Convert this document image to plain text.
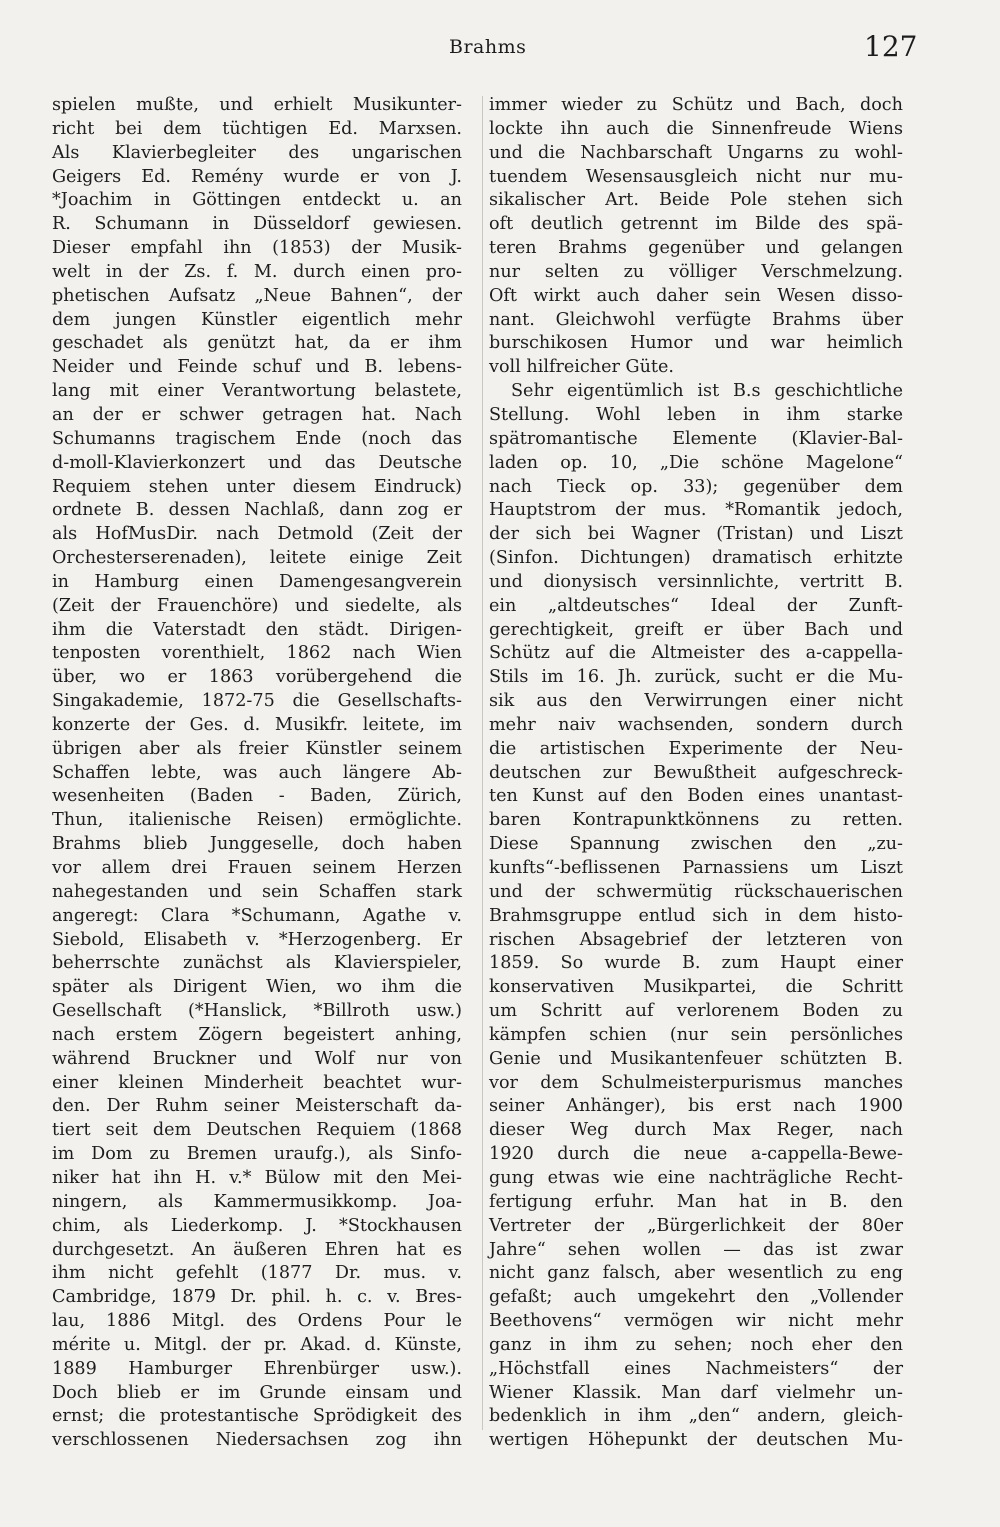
Brahms	127
spielen mußte, und erhielt Musikunter-
richt bei dem tüchtigen Ed. Marxsen.
Als Klavierbegleiter des ungarischen
Geigers Ed. Remény wurde er von J.
*Joachim in Göttingen entdeckt u. an
R. Schumann in Düsseldorf gewiesen.
Dieser empfahl ihn (1853) der Musik-
welt in der Zs. f. M. durch einen pro-
phetischen Aufsatz „Neue Bahnen“, der
dem jungen Künstler eigentlich mehr
geschadet als genützt hat, da er ihm
Neider und Feinde schuf und B. lebens-
lang mit einer Verantwortung belastete,
an der er schwer getragen hat. Nach
Schumanns tragischem Ende (noch das
d-moll-Klavierkonzert und das Deutsche
Requiem stehen unter diesem Eindruck)
ordnete B. dessen Nachlaß, dann zog er
als HofMusDir. nach Detmold (Zeit der
Orchesterserenaden), leitete einige Zeit
in Hamburg einen Damengesangverein
(Zeit der Frauenchöre) und siedelte, als
ihm die Vaterstadt den städt. Dirigen-
tenposten vorenthielt, 1862 nach Wien
über, wo er 1863 vorübergehend die
Singakademie, 1872-75 die Gesellschafts-
konzerte der Ges. d. Musikfr. leitete, im
übrigen aber als freier Künstler seinem
Schaffen lebte, was auch längere Ab-
wesenheiten (Baden - Baden, Zürich,
Thun, italienische Reisen) ermöglichte.
Brahms blieb Junggeselle, doch haben
vor allem drei Frauen seinem Herzen
nahegestanden und sein Schaffen stark
angeregt: Clara *Schumann, Agathe v.
Siebold, Elisabeth v. *Herzogenberg. Er
beherrschte zunächst als Klavierspieler,
später als Dirigent Wien, wo ihm die
Gesellschaft (*Hanslick, *Billroth usw.)
nach erstem Zögern begeistert anhing,
während Bruckner und Wolf nur von
einer kleinen Minderheit beachtet wur-
den. Der Ruhm seiner Meisterschaft da-
tiert seit dem Deutschen Requiem (1868
im Dom zu Bremen uraufg.), als Sinfo-
niker hat ihn H. v.* Bülow mit den Mei-
ningern, als Kammermusikkomp. Joa-
chim, als Liederkomp. J. *Stockhausen
durchgesetzt. An äußeren Ehren hat es
ihm nicht gefehlt (1877 Dr. mus. v.
Cambridge, 1879 Dr. phil. h. c. v. Bres-
lau, 1886 Mitgl. des Ordens Pour le
mérite u. Mitgl. der pr. Akad. d. Künste,
1889 Hamburger Ehrenbürger usw.).
Doch blieb er im Grunde einsam und
ernst; die protestantische Sprödigkeit des
verschlossenen Niedersachsen zog ihn
immer wieder zu Schütz und Bach, doch
lockte ihn auch die Sinnenfreude Wiens
und die Nachbarschaft Ungarns zu wohl-
tuendem Wesensausgleich nicht nur mu-
sikalischer Art. Beide Pole stehen sich
oft deutlich getrennt im Bilde des spä-
teren Brahms gegenüber und gelangen
nur selten zu völliger Verschmelzung.
Oft wirkt auch daher sein Wesen disso-
nant. Gleichwohl verfügte Brahms über
burschikosen Humor und war heimlich
voll hilfreicher Güte.
Sehr eigentümlich ist B.s geschichtliche
Stellung. Wohl leben in ihm starke
spätromantische Elemente (Klavier-Bal-
laden op. 10, „Die schöne Magelone“
nach Tieck op. 33); gegenüber dem
Hauptstrom der mus. *Romantik jedoch,
der sich bei Wagner (Tristan) und Liszt
(Sinfon. Dichtungen) dramatisch erhitzte
und dionysisch versinnlichte, vertritt B.
ein „altdeutsches“ Ideal der Zunft-
gerechtigkeit, greift er über Bach und
Schütz auf die Altmeister des a-cappella-
Stils im 16. Jh. zurück, sucht er die Mu-
sik aus den Verwirrungen einer nicht
mehr naiv wachsenden, sondern durch
die artistischen Experimente der Neu-
deutschen zur Bewußtheit aufgeschreck-
ten Kunst auf den Boden eines unantast-
baren Kontrapunktkönnens zu retten.
Diese Spannung zwischen den „zu-
kunfts“-beflissenen Parnassiens um Liszt
und der schwermütig rückschauerischen
Brahmsgruppe entlud sich in dem histo-
rischen Absagebrief der letzteren von
1859. So wurde B. zum Haupt einer
konservativen Musikpartei, die Schritt
um Schritt auf verlorenem Boden zu
kämpfen schien (nur sein persönliches
Genie und Musikantenfeuer schützten B.
vor dem Schulmeisterpurismus manches
seiner Anhänger), bis erst nach 1900
dieser Weg durch Max Reger, nach
1920 durch die neue a-cappella-Bewe-
gung etwas wie eine nachträgliche Recht-
fertigung erfuhr. Man hat in B. den
Vertreter der „Bürgerlichkeit der 80er
Jahre“ sehen wollen — das ist zwar
nicht ganz falsch, aber wesentlich zu eng
gefaßt; auch umgekehrt den „Vollender
Beethovens“ vermögen wir nicht mehr
ganz in ihm zu sehen; noch eher den
„Höchstfall eines Nachmeisters“ der
Wiener Klassik. Man darf vielmehr un-
bedenklich in ihm „den“ andern, gleich-
wertigen Höhepunkt der deutschen Mu-
